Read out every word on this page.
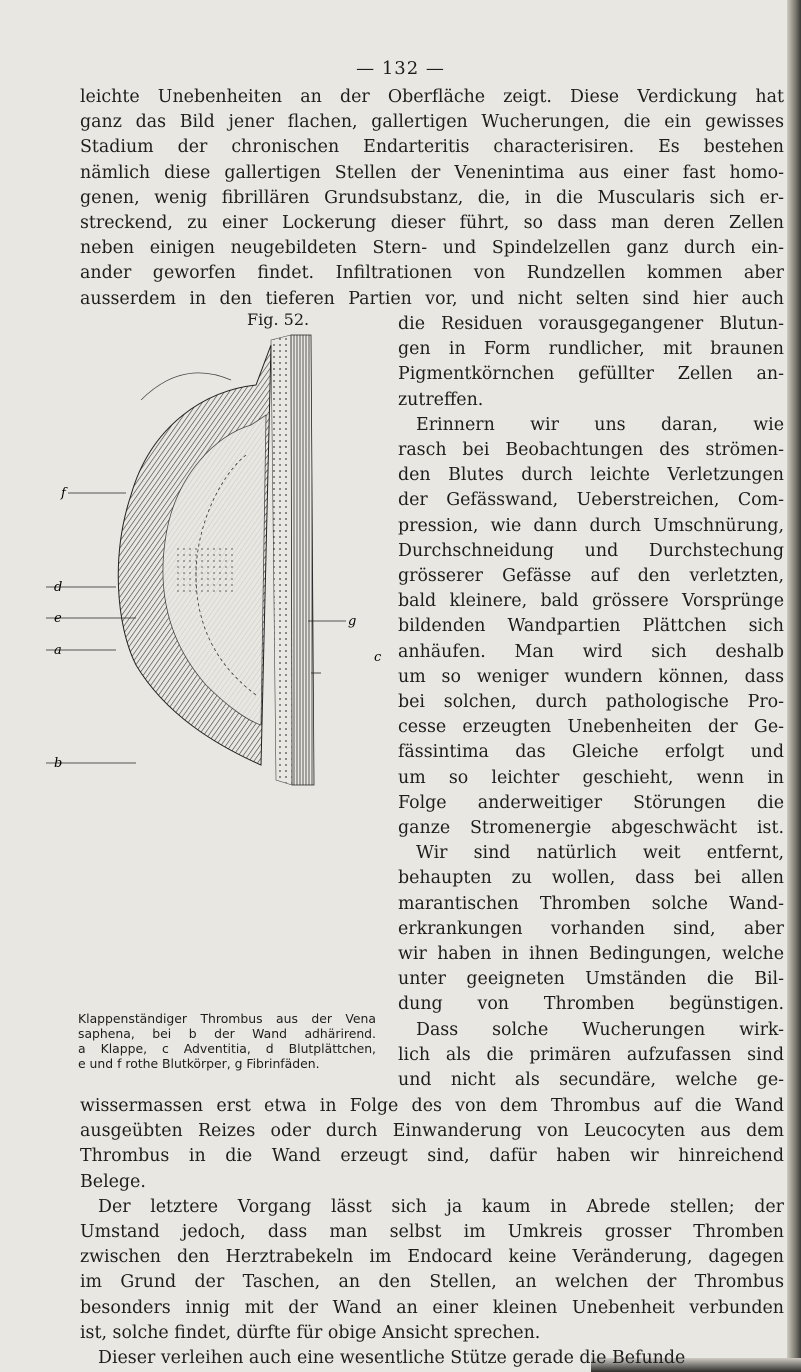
— 132 —
leichte Unebenheiten an der Oberfläche zeigt. Diese Verdickung hat
ganz das Bild jener flachen, gallertigen Wucherungen, die ein gewisses
Stadium der chronischen Endarteritis characterisiren. Es bestehen
nämlich diese gallertigen Stellen der Venenintima aus einer fast homo-
genen, wenig fibrillären Grundsubstanz, die, in die Muscularis sich er-
streckend, zu einer Lockerung dieser führt, so dass man deren Zellen
neben einigen neugebildeten Stern- und Spindelzellen ganz durch ein-
ander geworfen findet. Infiltrationen von Rundzellen kommen aber
ausserdem in den tieferen Partien vor, und nicht selten sind hier auch
die Residuen vorausgegangener Blutun-
gen in Form rundlicher, mit braunen
Pigmentkörnchen gefüllter Zellen an-
zutreffen.
Erinnern wir uns daran, wie
rasch bei Beobachtungen des strömen-
den Blutes durch leichte Verletzungen
der Gefässwand, Ueberstreichen, Com-
pression, wie dann durch Umschnürung,
Durchschneidung und Durchstechung
grösserer Gefässe auf den verletzten,
bald kleinere, bald grössere Vorsprünge
bildenden Wandpartien Plättchen sich
anhäufen. Man wird sich deshalb
um so weniger wundern können, dass
bei solchen, durch pathologische Pro-
cesse erzeugten Unebenheiten der Ge-
fässintima das Gleiche erfolgt und
um so leichter geschieht, wenn in
Folge anderweitiger Störungen die
ganze Stromenergie abgeschwächt ist.
Wir sind natürlich weit entfernt,
behaupten zu wollen, dass bei allen
marantischen Thromben solche Wand-
erkrankungen vorhanden sind, aber
wir haben in ihnen Bedingungen, welche
unter geeigneten Umständen die Bil-
dung von Thromben begünstigen.
Dass solche Wucherungen wirk-
lich als die primären aufzufassen sind
und nicht als secundäre, welche ge-
wissermassen erst etwa in Folge des von dem Thrombus auf die Wand
ausgeübten Reizes oder durch Einwanderung von Leucocyten aus dem
Thrombus in die Wand erzeugt sind, dafür haben wir hinreichend
Belege.
Der letztere Vorgang lässt sich ja kaum in Abrede stellen; der
Umstand jedoch, dass man selbst im Umkreis grosser Thromben
zwischen den Herztrabekeln im Endocard keine Veränderung, dagegen
im Grund der Taschen, an den Stellen, an welchen der Thrombus
besonders innig mit der Wand an einer kleinen Unebenheit verbunden
ist, solche findet, dürfte für obige Ansicht sprechen.
Dieser verleihen auch eine wesentliche Stütze gerade die Befunde
Fig. 52.
f
g
d
e
a	c
b
Klappenständiger Thrombus aus der Vena
saphena, bei b der Wand adhärirend.
a Klappe, c Adventitia, d Blutplättchen,
e und f rothe Blutkörper, g Fibrinfäden.
